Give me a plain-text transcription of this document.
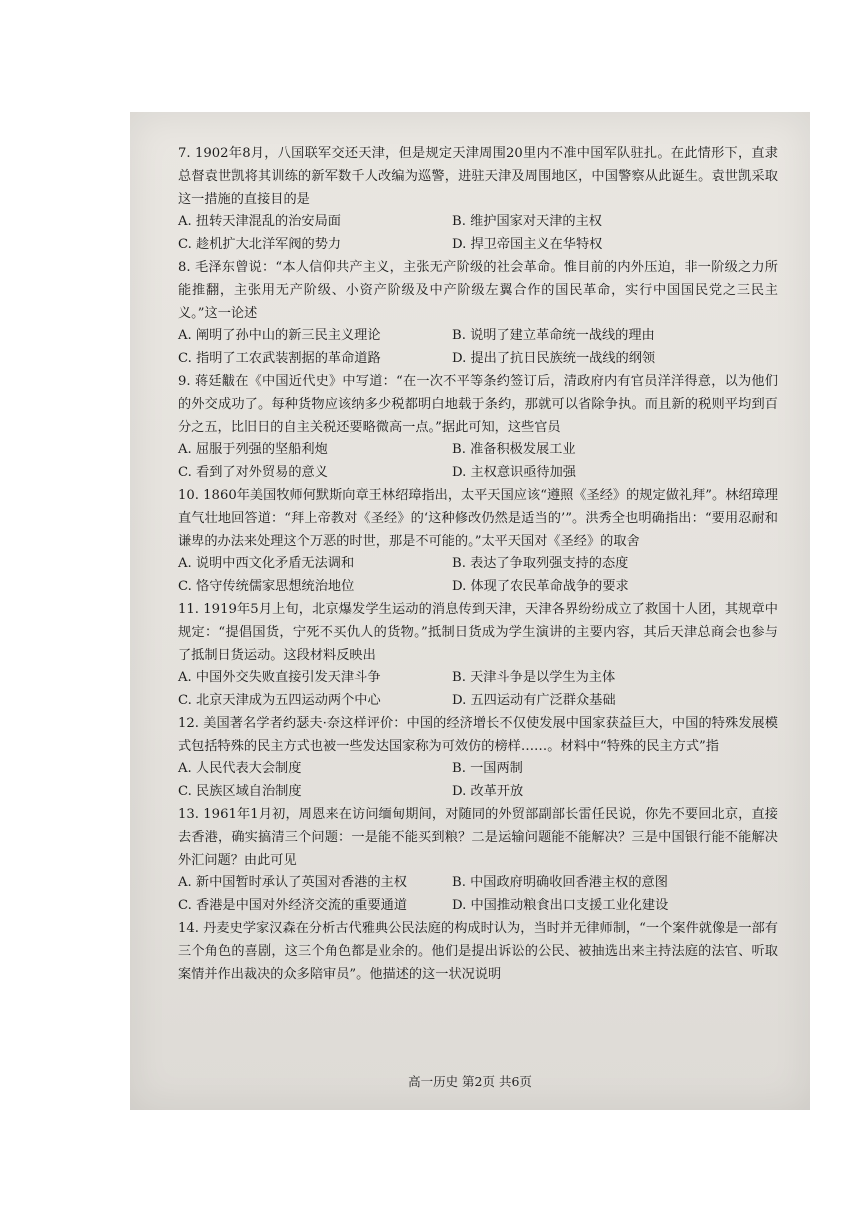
7. 1902年8月，八国联军交还天津，但是规定天津周围20里内不准中国军队驻扎。在此情形下，直隶总督袁世凯将其训练的新军数千人改编为巡警，进驻天津及周围地区，中国警察从此诞生。袁世凯采取这一措施的直接目的是

A. 扭转天津混乱的治安局面	B. 维护国家对天津的主权
C. 趁机扩大北洋军阀的势力	D. 捍卫帝国主义在华特权

8. 毛泽东曾说：“本人信仰共产主义，主张无产阶级的社会革命。惟目前的内外压迫，非一阶级之力所能推翻，主张用无产阶级、小资产阶级及中产阶级左翼合作的国民革命，实行中国国民党之三民主义。”这一论述

A. 阐明了孙中山的新三民主义理论	B. 说明了建立革命统一战线的理由
C. 指明了工农武装割据的革命道路	D. 提出了抗日民族统一战线的纲领

9. 蒋廷黻在《中国近代史》中写道：“在一次不平等条约签订后，清政府内有官员洋洋得意，以为他们的外交成功了。每种货物应该纳多少税都明白地载于条约，那就可以省除争执。而且新的税则平均到百分之五，比旧日的自主关税还要略微高一点。”据此可知，这些官员

A. 屈服于列强的坚船利炮	B. 准备积极发展工业
C. 看到了对外贸易的意义	D. 主权意识亟待加强

10. 1860年美国牧师何默斯向章王林绍璋指出，太平天国应该“遵照《圣经》的规定做礼拜”。林绍璋理直气壮地回答道：“拜上帝教对《圣经》的‘这种修改仍然是适当的’”。洪秀全也明确指出：“要用忍耐和谦卑的办法来处理这个万恶的时世，那是不可能的。”太平天国对《圣经》的取舍

A. 说明中西文化矛盾无法调和	B. 表达了争取列强支持的态度
C. 恪守传统儒家思想统治地位	D. 体现了农民革命战争的要求

11. 1919年5月上旬，北京爆发学生运动的消息传到天津，天津各界纷纷成立了救国十人团，其规章中规定：“提倡国货，宁死不买仇人的货物。”抵制日货成为学生演讲的主要内容，其后天津总商会也参与了抵制日货运动。这段材料反映出

A. 中国外交失败直接引发天津斗争	B. 天津斗争是以学生为主体
C. 北京天津成为五四运动两个中心	D. 五四运动有广泛群众基础

12. 美国著名学者约瑟夫·奈这样评价：中国的经济增长不仅使发展中国家获益巨大，中国的特殊发展模式包括特殊的民主方式也被一些发达国家称为可效仿的榜样……。材料中“特殊的民主方式”指

A. 人民代表大会制度	B. 一国两制
C. 民族区域自治制度	D. 改革开放

13. 1961年1月初，周恩来在访问缅甸期间，对随同的外贸部副部长雷任民说，你先不要回北京，直接去香港，确实搞清三个问题：一是能不能买到粮？二是运输问题能不能解决？三是中国银行能不能解决外汇问题？由此可见

A. 新中国暂时承认了英国对香港的主权	B. 中国政府明确收回香港主权的意图
C. 香港是中国对外经济交流的重要通道	D. 中国推动粮食出口支援工业化建设

14. 丹麦史学家汉森在分析古代雅典公民法庭的构成时认为，当时并无律师制，“一个案件就像是一部有三个角色的喜剧，这三个角色都是业余的。他们是提出诉讼的公民、被抽选出来主持法庭的法官、听取案情并作出裁决的众多陪审员”。他描述的这一状况说明

高一历史 第2页 共6页
